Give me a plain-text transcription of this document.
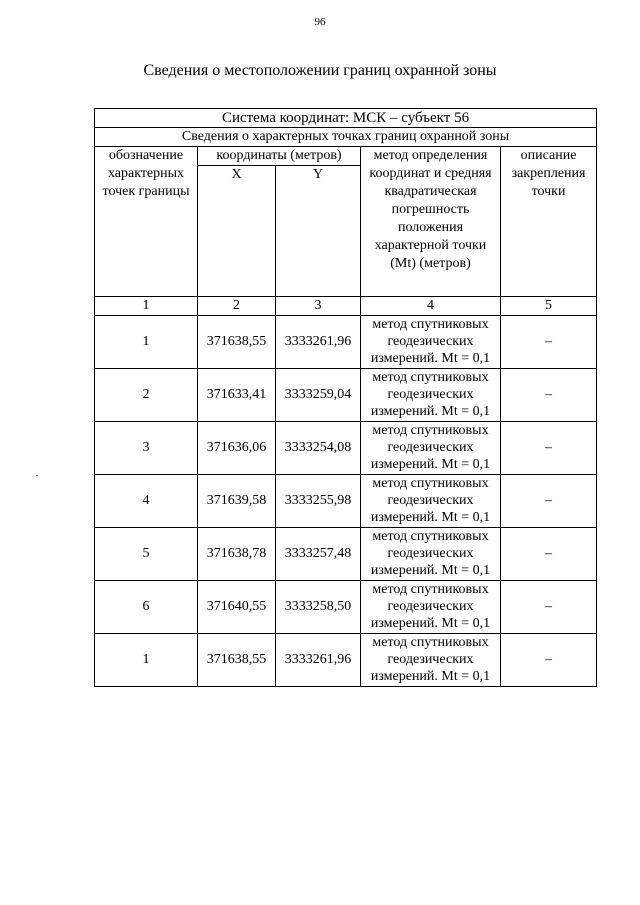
96
Сведения о местоположении границ охранной зоны
Система координат: МСК – субъект 56				
Сведения о характерных точках границ охранной зоны				
обозначение характерных точек границы	координаты (метров)		метод определения координат и средняя квадратическая погрешность положения характерной точки (Mt) (метров)	описание закрепления точки
	X	Y		
1	2	3	4	5
1	371638,55	3333261,96	метод спутниковых геодезических измерений. Mt = 0,1	–
2	371633,41	3333259,04	метод спутниковых геодезических измерений. Mt = 0,1	–
3	371636,06	3333254,08	метод спутниковых геодезических измерений. Mt = 0,1	–
4	371639,58	3333255,98	метод спутниковых геодезических измерений. Mt = 0,1	–
5	371638,78	3333257,48	метод спутниковых геодезических измерений. Mt = 0,1	–
6	371640,55	3333258,50	метод спутниковых геодезических измерений. Mt = 0,1	–
1	371638,55	3333261,96	метод спутниковых геодезических измерений. Mt = 0,1	–
